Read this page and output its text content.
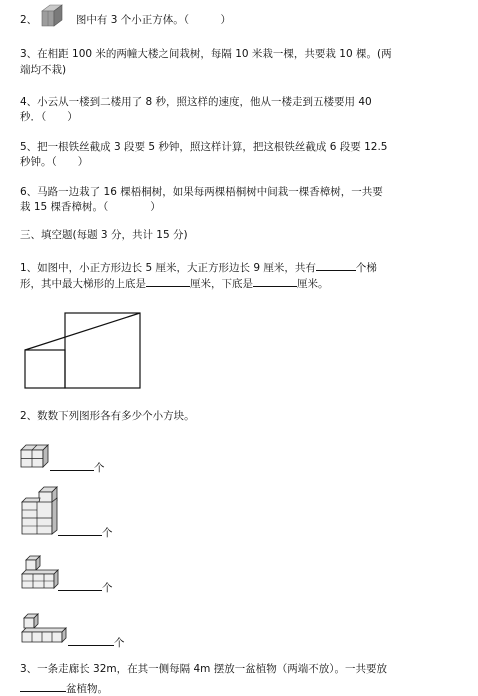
2、	图中有 3 个小正方体。（　　　）
3、在相距 100 米的两幢大楼之间栽树，每隔 10 米栽一棵，共要栽 10 棵。(两
端均不栽)
4、小云从一楼到二楼用了 8 秒，照这样的速度，他从一楼走到五楼要用 40
秒．（　　）
5、把一根铁丝截成 3 段要 5 秒钟，照这样计算，把这根铁丝截成 6 段要 12.5
秒钟。（　　）
6、马路一边栽了 16 棵梧桐树，如果每两棵梧桐树中间栽一棵香樟树，一共要
栽 15 棵香樟树。（　　　　）
三、填空题(每题 3 分，共计 15 分)
1、如图中，小正方形边长 5 厘米，大正方形边长 9 厘米，共有	个梯
形，其中最大梯形的上底是	厘米，下底是	厘米。
2、数数下列图形各有多少个小方块。
个
个
个
个
3、一条走廊长 32m，在其一侧每隔 4m 摆放一盆植物（两端不放）。一共要放
盆植物。
